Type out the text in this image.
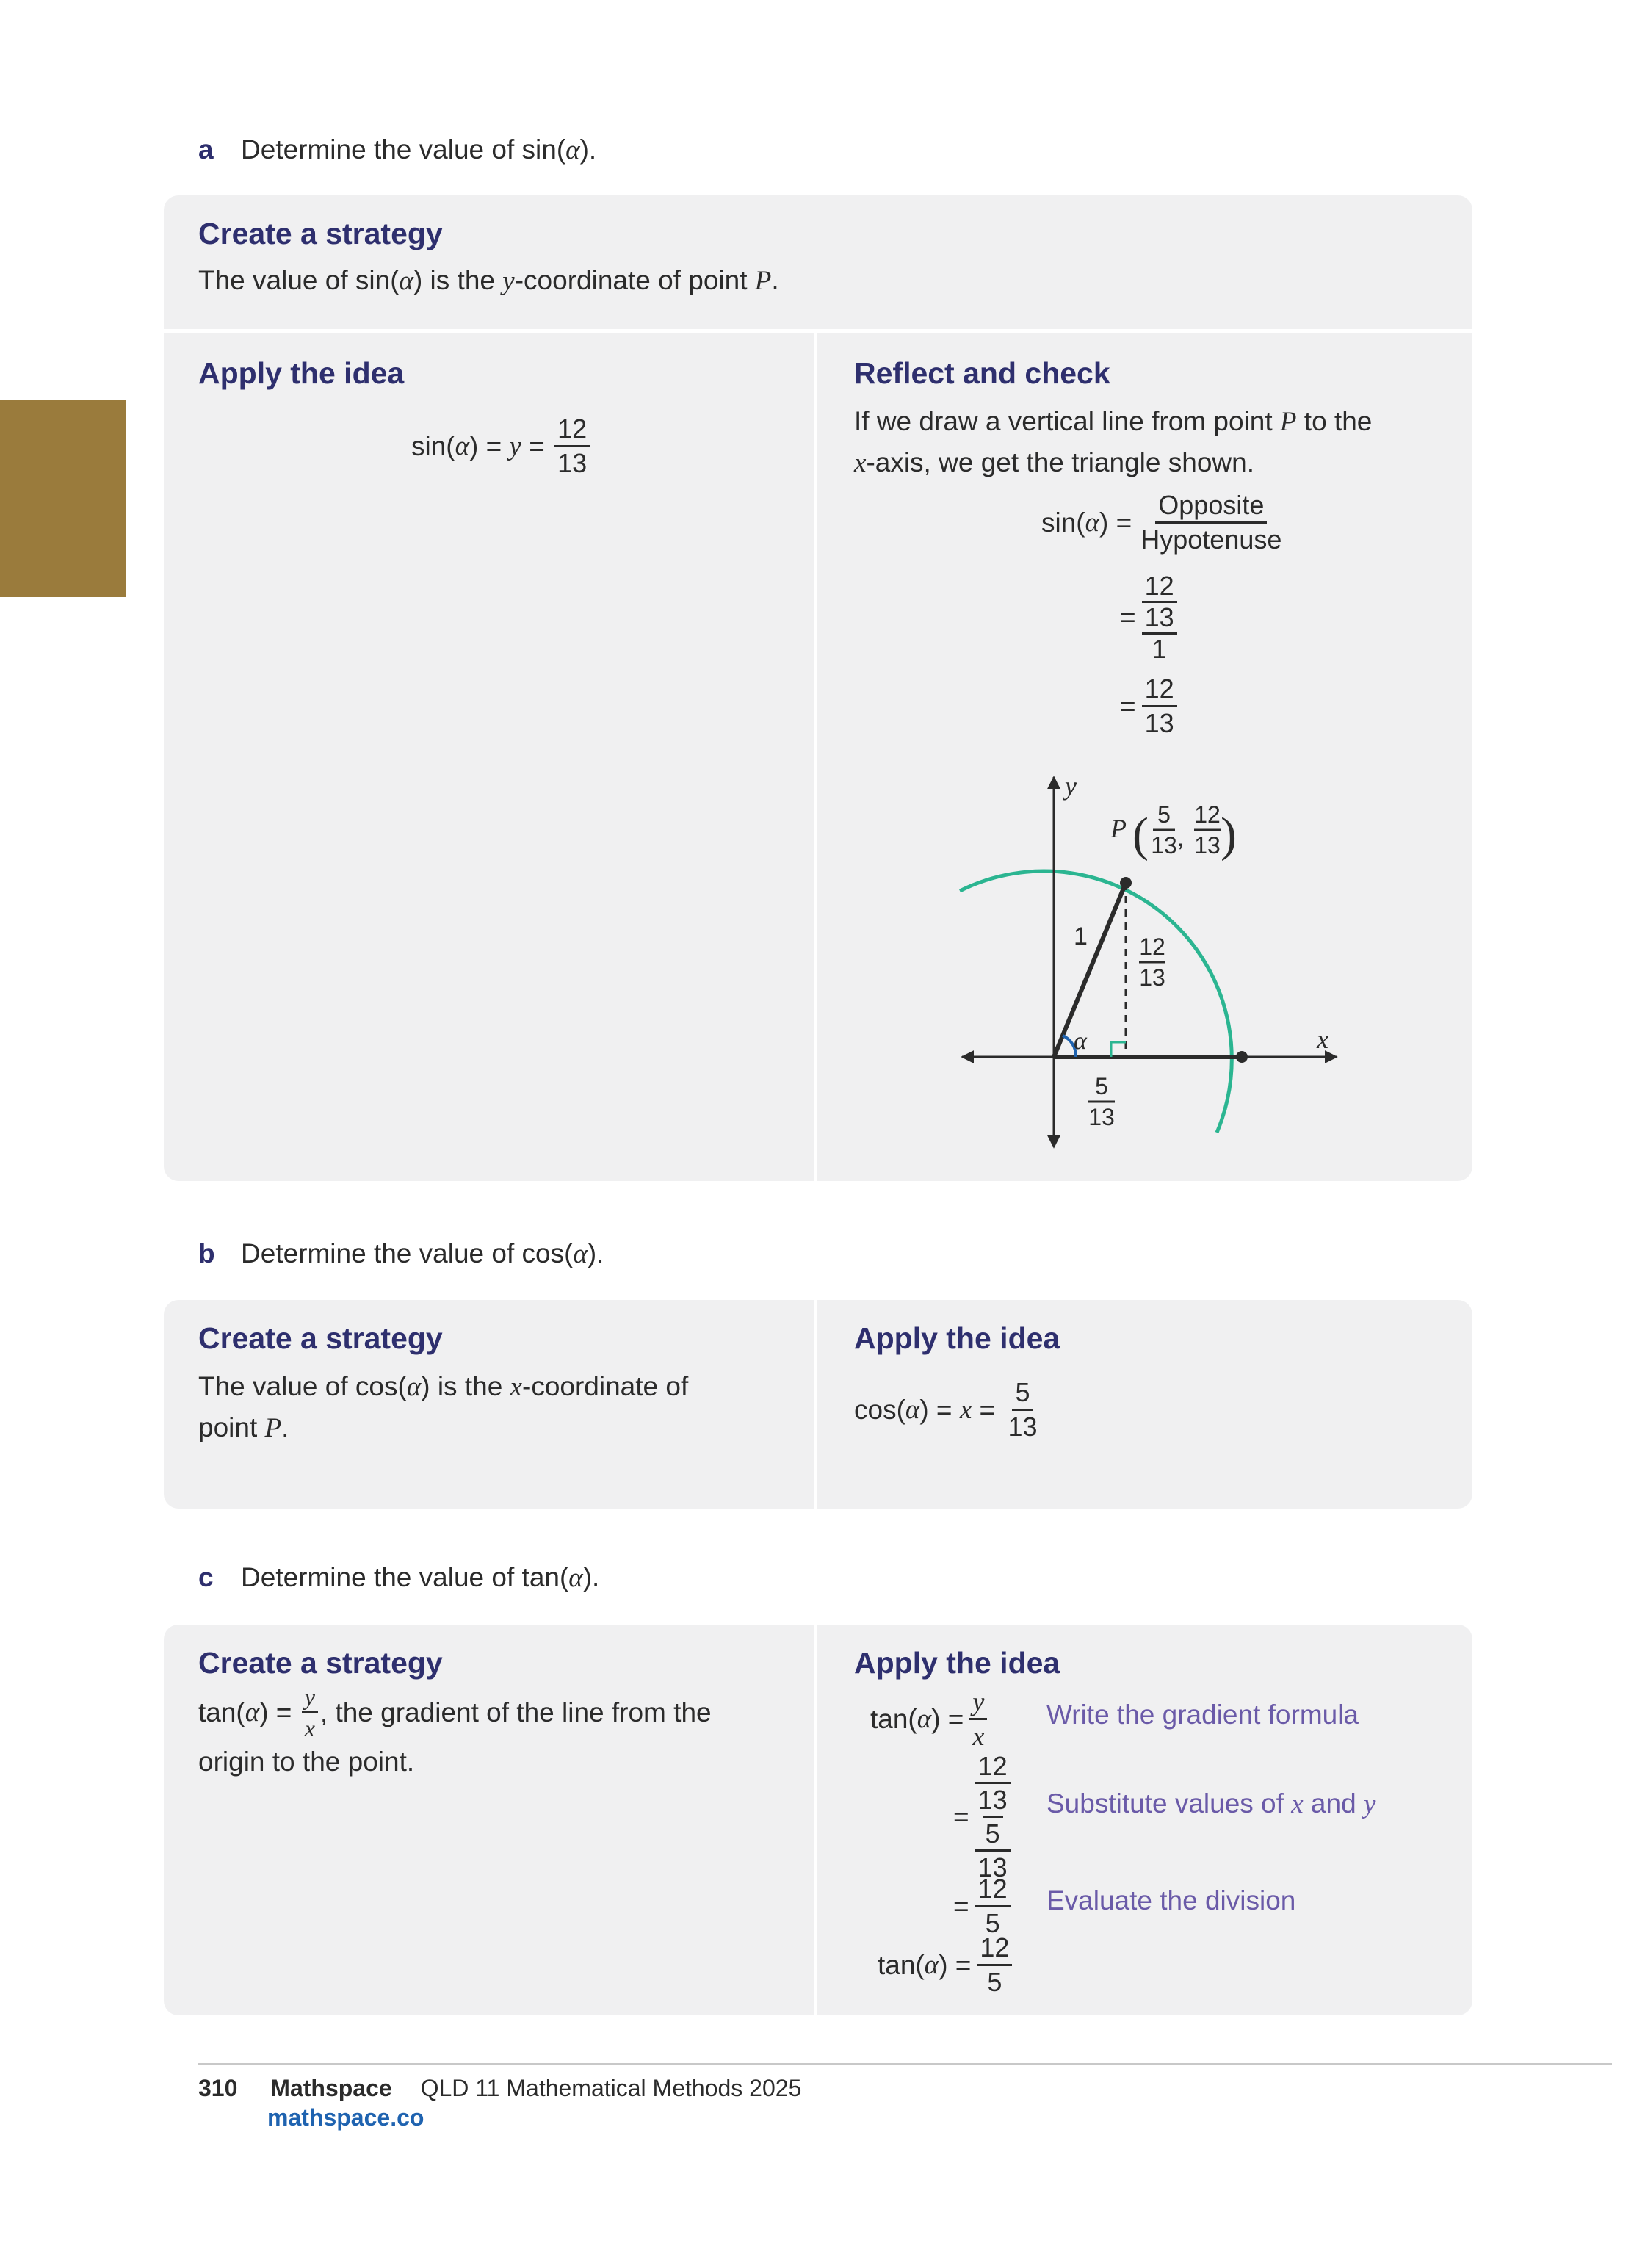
a Determine the value of sin(α).
Create a strategy
The value of sin(α) is the y-coordinate of point P.
Apply the idea
sin( α ) = $y = \frac{12}{13}$
Reflect and check
If we draw a vertical line from point P to the
x-axis, we get the triangle shown.
sin( α ) = $\frac{\text{Opposite}}{\text{Hypotenuse}}$
=
12
13
1
= $\frac{12}{13}$
y
x
P ( 5
13 ,
12
13 )
1
α
12
13
5
13
b Determine the value of cos(α).
Create a strategy
The value of cos(α) is the x-coordinate of
point P.
Apply the idea
cos( α ) = $x = \frac{5}{13}$
c Determine the value of tan(α).
Create a strategy
tan( α ) = $\frac{y}{x}$ , the gradient of the line from the
origin to the point.
Apply the idea
tan( α ) = $\frac{y}{x}$ Write the gradient formula
=
12
13
5
13
Substitute values of x and y
= $\frac{12}{5}$ Evaluate the division
tan( α ) = $\frac{12}{5}$
310 Mathspace QLD 11 Mathematical Methods 2025
mathspace.co
